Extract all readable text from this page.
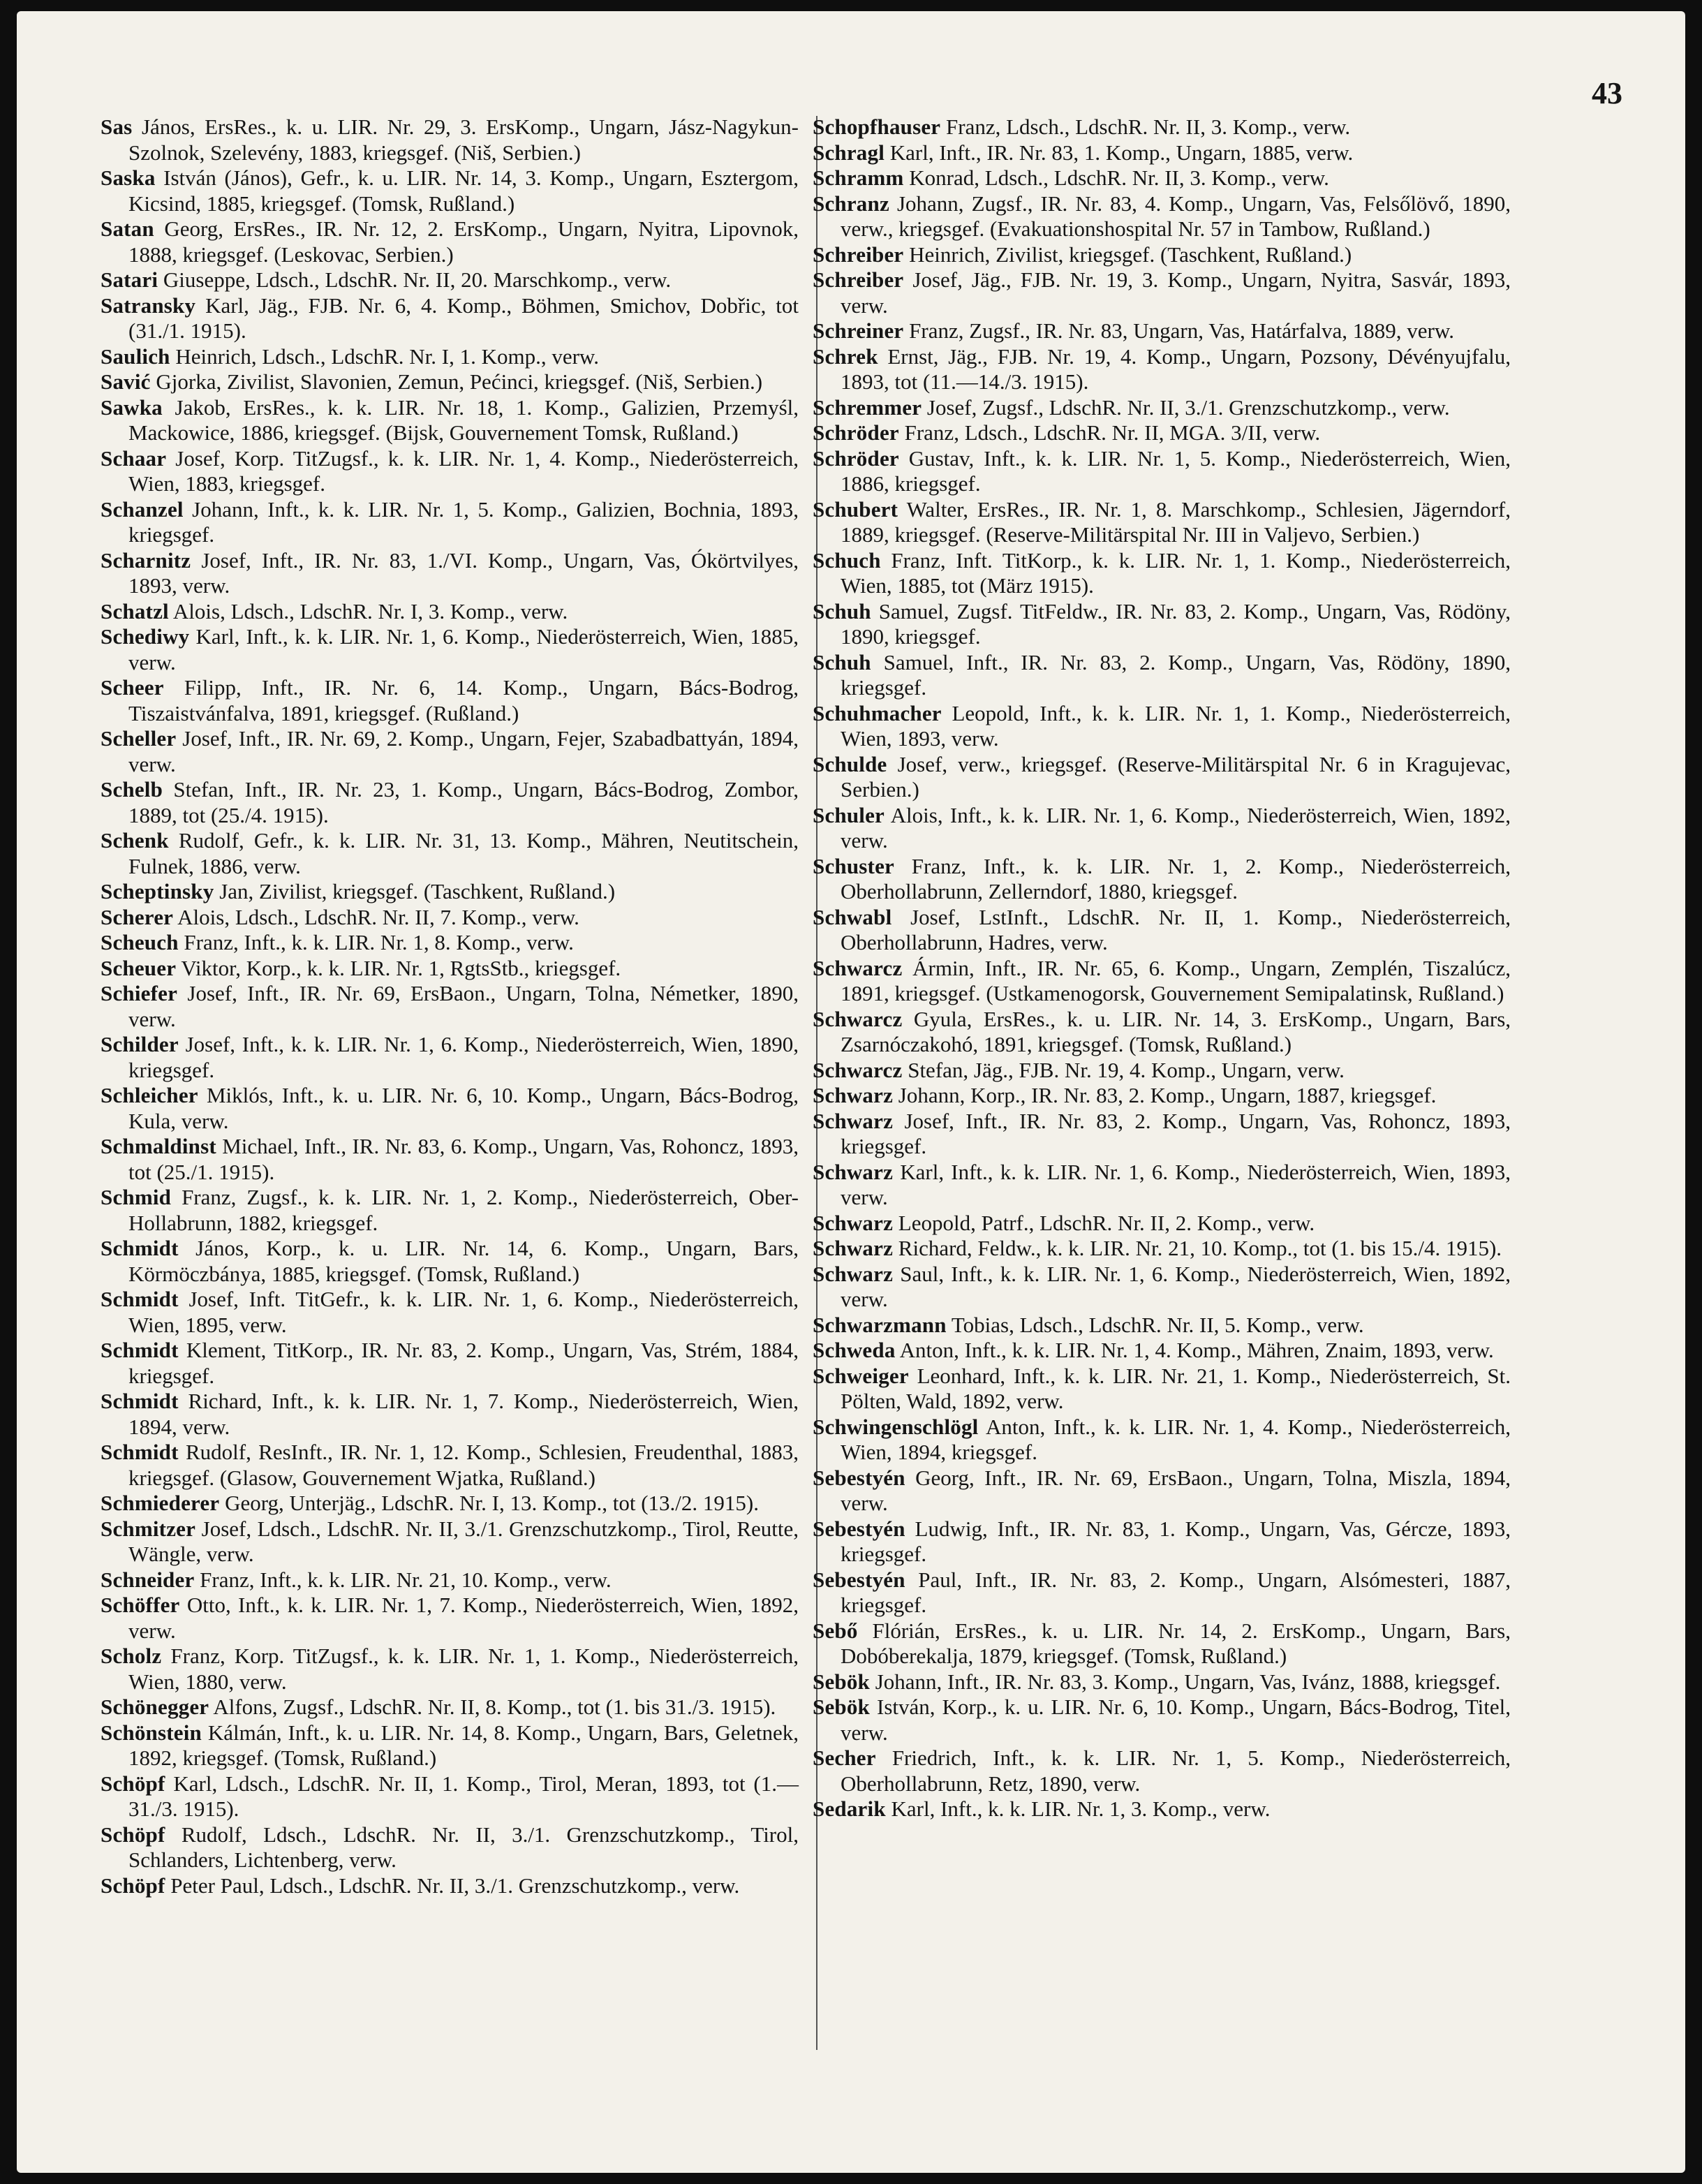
43
Sas János, ErsRes., k. u. LIR. Nr. 29, 3. ErsKomp., Ungarn, Jász-Nagykun-Szolnok, Szelevény, 1883, kriegsgef. (Niš, Serbien.)
Saska István (János), Gefr., k. u. LIR. Nr. 14, 3. Komp., Ungarn, Esztergom, Kicsind, 1885, kriegsgef. (Tomsk, Rußland.)
Satan Georg, ErsRes., IR. Nr. 12, 2. ErsKomp., Ungarn, Nyitra, Lipovnok, 1888, kriegsgef. (Leskovac, Serbien.)
Satari Giuseppe, Ldsch., LdschR. Nr. II, 20. Marschkomp., verw.
Satransky Karl, Jäg., FJB. Nr. 6, 4. Komp., Böhmen, Smichov, Dobřic, tot (31./1. 1915).
Saulich Heinrich, Ldsch., LdschR. Nr. I, 1. Komp., verw.
Savić Gjorka, Zivilist, Slavonien, Zemun, Pećinci, kriegsgef. (Niš, Serbien.)
Sawka Jakob, ErsRes., k. k. LIR. Nr. 18, 1. Komp., Galizien, Przemyśl, Mackowice, 1886, kriegsgef. (Bijsk, Gouvernement Tomsk, Rußland.)
Schaar Josef, Korp. TitZugsf., k. k. LIR. Nr. 1, 4. Komp., Niederösterreich, Wien, 1883, kriegsgef.
Schanzel Johann, Inft., k. k. LIR. Nr. 1, 5. Komp., Galizien, Bochnia, 1893, kriegsgef.
Scharnitz Josef, Inft., IR. Nr. 83, 1./VI. Komp., Ungarn, Vas, Ókörtvilyes, 1893, verw.
Schatzl Alois, Ldsch., LdschR. Nr. I, 3. Komp., verw.
Schediwy Karl, Inft., k. k. LIR. Nr. 1, 6. Komp., Niederösterreich, Wien, 1885, verw.
Scheer Filipp, Inft., IR. Nr. 6, 14. Komp., Ungarn, Bács-Bodrog, Tiszaistvánfalva, 1891, kriegsgef. (Rußland.)
Scheller Josef, Inft., IR. Nr. 69, 2. Komp., Ungarn, Fejer, Szabadbattyán, 1894, verw.
Schelb Stefan, Inft., IR. Nr. 23, 1. Komp., Ungarn, Bács-Bodrog, Zombor, 1889, tot (25./4. 1915).
Schenk Rudolf, Gefr., k. k. LIR. Nr. 31, 13. Komp., Mähren, Neutitschein, Fulnek, 1886, verw.
Scheptinsky Jan, Zivilist, kriegsgef. (Taschkent, Rußland.)
Scherer Alois, Ldsch., LdschR. Nr. II, 7. Komp., verw.
Scheuch Franz, Inft., k. k. LIR. Nr. 1, 8. Komp., verw.
Scheuer Viktor, Korp., k. k. LIR. Nr. 1, RgtsStb., kriegsgef.
Schiefer Josef, Inft., IR. Nr. 69, ErsBaon., Ungarn, Tolna, Németker, 1890, verw.
Schilder Josef, Inft., k. k. LIR. Nr. 1, 6. Komp., Niederösterreich, Wien, 1890, kriegsgef.
Schleicher Miklós, Inft., k. u. LIR. Nr. 6, 10. Komp., Ungarn, Bács-Bodrog, Kula, verw.
Schmaldinst Michael, Inft., IR. Nr. 83, 6. Komp., Ungarn, Vas, Rohoncz, 1893, tot (25./1. 1915).
Schmid Franz, Zugsf., k. k. LIR. Nr. 1, 2. Komp., Niederösterreich, Ober-Hollabrunn, 1882, kriegsgef.
Schmidt János, Korp., k. u. LIR. Nr. 14, 6. Komp., Ungarn, Bars, Körmöczbánya, 1885, kriegsgef. (Tomsk, Rußland.)
Schmidt Josef, Inft. TitGefr., k. k. LIR. Nr. 1, 6. Komp., Niederösterreich, Wien, 1895, verw.
Schmidt Klement, TitKorp., IR. Nr. 83, 2. Komp., Ungarn, Vas, Strém, 1884, kriegsgef.
Schmidt Richard, Inft., k. k. LIR. Nr. 1, 7. Komp., Niederösterreich, Wien, 1894, verw.
Schmidt Rudolf, ResInft., IR. Nr. 1, 12. Komp., Schlesien, Freudenthal, 1883, kriegsgef. (Glasow, Gouvernement Wjatka, Rußland.)
Schmiederer Georg, Unterjäg., LdschR. Nr. I, 13. Komp., tot (13./2. 1915).
Schmitzer Josef, Ldsch., LdschR. Nr. II, 3./1. Grenzschutzkomp., Tirol, Reutte, Wängle, verw.
Schneider Franz, Inft., k. k. LIR. Nr. 21, 10. Komp., verw.
Schöffer Otto, Inft., k. k. LIR. Nr. 1, 7. Komp., Niederösterreich, Wien, 1892, verw.
Scholz Franz, Korp. TitZugsf., k. k. LIR. Nr. 1, 1. Komp., Niederösterreich, Wien, 1880, verw.
Schönegger Alfons, Zugsf., LdschR. Nr. II, 8. Komp., tot (1. bis 31./3. 1915).
Schönstein Kálmán, Inft., k. u. LIR. Nr. 14, 8. Komp., Ungarn, Bars, Geletnek, 1892, kriegsgef. (Tomsk, Rußland.)
Schöpf Karl, Ldsch., LdschR. Nr. II, 1. Komp., Tirol, Meran, 1893, tot (1.—31./3. 1915).
Schöpf Rudolf, Ldsch., LdschR. Nr. II, 3./1. Grenzschutzkomp., Tirol, Schlanders, Lichtenberg, verw.
Schöpf Peter Paul, Ldsch., LdschR. Nr. II, 3./1. Grenzschutzkomp., verw.
Schopfhauser Franz, Ldsch., LdschR. Nr. II, 3. Komp., verw.
Schragl Karl, Inft., IR. Nr. 83, 1. Komp., Ungarn, 1885, verw.
Schramm Konrad, Ldsch., LdschR. Nr. II, 3. Komp., verw.
Schranz Johann, Zugsf., IR. Nr. 83, 4. Komp., Ungarn, Vas, Felsőlövő, 1890, verw., kriegsgef. (Evakuationshospital Nr. 57 in Tambow, Rußland.)
Schreiber Heinrich, Zivilist, kriegsgef. (Taschkent, Rußland.)
Schreiber Josef, Jäg., FJB. Nr. 19, 3. Komp., Ungarn, Nyitra, Sasvár, 1893, verw.
Schreiner Franz, Zugsf., IR. Nr. 83, Ungarn, Vas, Határfalva, 1889, verw.
Schrek Ernst, Jäg., FJB. Nr. 19, 4. Komp., Ungarn, Pozsony, Dévényujfalu, 1893, tot (11.—14./3. 1915).
Schremmer Josef, Zugsf., LdschR. Nr. II, 3./1. Grenzschutzkomp., verw.
Schröder Franz, Ldsch., LdschR. Nr. II, MGA. 3/II, verw.
Schröder Gustav, Inft., k. k. LIR. Nr. 1, 5. Komp., Niederösterreich, Wien, 1886, kriegsgef.
Schubert Walter, ErsRes., IR. Nr. 1, 8. Marschkomp., Schlesien, Jägerndorf, 1889, kriegsgef. (Reserve-Militärspital Nr. III in Valjevo, Serbien.)
Schuch Franz, Inft. TitKorp., k. k. LIR. Nr. 1, 1. Komp., Niederösterreich, Wien, 1885, tot (März 1915).
Schuh Samuel, Zugsf. TitFeldw., IR. Nr. 83, 2. Komp., Ungarn, Vas, Rödöny, 1890, kriegsgef.
Schuh Samuel, Inft., IR. Nr. 83, 2. Komp., Ungarn, Vas, Rödöny, 1890, kriegsgef.
Schuhmacher Leopold, Inft., k. k. LIR. Nr. 1, 1. Komp., Niederösterreich, Wien, 1893, verw.
Schulde Josef, verw., kriegsgef. (Reserve-Militärspital Nr. 6 in Kragujevac, Serbien.)
Schuler Alois, Inft., k. k. LIR. Nr. 1, 6. Komp., Niederösterreich, Wien, 1892, verw.
Schuster Franz, Inft., k. k. LIR. Nr. 1, 2. Komp., Niederösterreich, Oberhollabrunn, Zellerndorf, 1880, kriegsgef.
Schwabl Josef, LstInft., LdschR. Nr. II, 1. Komp., Niederösterreich, Oberhollabrunn, Hadres, verw.
Schwarcz Ármin, Inft., IR. Nr. 65, 6. Komp., Ungarn, Zemplén, Tiszalúcz, 1891, kriegsgef. (Ustkamenogorsk, Gouvernement Semipalatinsk, Rußland.)
Schwarcz Gyula, ErsRes., k. u. LIR. Nr. 14, 3. ErsKomp., Ungarn, Bars, Zsarnóczakohó, 1891, kriegsgef. (Tomsk, Rußland.)
Schwarcz Stefan, Jäg., FJB. Nr. 19, 4. Komp., Ungarn, verw.
Schwarz Johann, Korp., IR. Nr. 83, 2. Komp., Ungarn, 1887, kriegsgef.
Schwarz Josef, Inft., IR. Nr. 83, 2. Komp., Ungarn, Vas, Rohoncz, 1893, kriegsgef.
Schwarz Karl, Inft., k. k. LIR. Nr. 1, 6. Komp., Niederösterreich, Wien, 1893, verw.
Schwarz Leopold, Patrf., LdschR. Nr. II, 2. Komp., verw.
Schwarz Richard, Feldw., k. k. LIR. Nr. 21, 10. Komp., tot (1. bis 15./4. 1915).
Schwarz Saul, Inft., k. k. LIR. Nr. 1, 6. Komp., Niederösterreich, Wien, 1892, verw.
Schwarzmann Tobias, Ldsch., LdschR. Nr. II, 5. Komp., verw.
Schweda Anton, Inft., k. k. LIR. Nr. 1, 4. Komp., Mähren, Znaim, 1893, verw.
Schweiger Leonhard, Inft., k. k. LIR. Nr. 21, 1. Komp., Niederösterreich, St. Pölten, Wald, 1892, verw.
Schwingenschlögl Anton, Inft., k. k. LIR. Nr. 1, 4. Komp., Niederösterreich, Wien, 1894, kriegsgef.
Sebestyén Georg, Inft., IR. Nr. 69, ErsBaon., Ungarn, Tolna, Miszla, 1894, verw.
Sebestyén Ludwig, Inft., IR. Nr. 83, 1. Komp., Ungarn, Vas, Gércze, 1893, kriegsgef.
Sebestyén Paul, Inft., IR. Nr. 83, 2. Komp., Ungarn, Alsómesteri, 1887, kriegsgef.
Sebő Flórián, ErsRes., k. u. LIR. Nr. 14, 2. ErsKomp., Ungarn, Bars, Dobóberekalja, 1879, kriegsgef. (Tomsk, Rußland.)
Sebök Johann, Inft., IR. Nr. 83, 3. Komp., Ungarn, Vas, Ivánz, 1888, kriegsgef.
Sebök István, Korp., k. u. LIR. Nr. 6, 10. Komp., Ungarn, Bács-Bodrog, Titel, verw.
Secher Friedrich, Inft., k. k. LIR. Nr. 1, 5. Komp., Niederösterreich, Oberhollabrunn, Retz, 1890, verw.
Sedarik Karl, Inft., k. k. LIR. Nr. 1, 3. Komp., verw.
